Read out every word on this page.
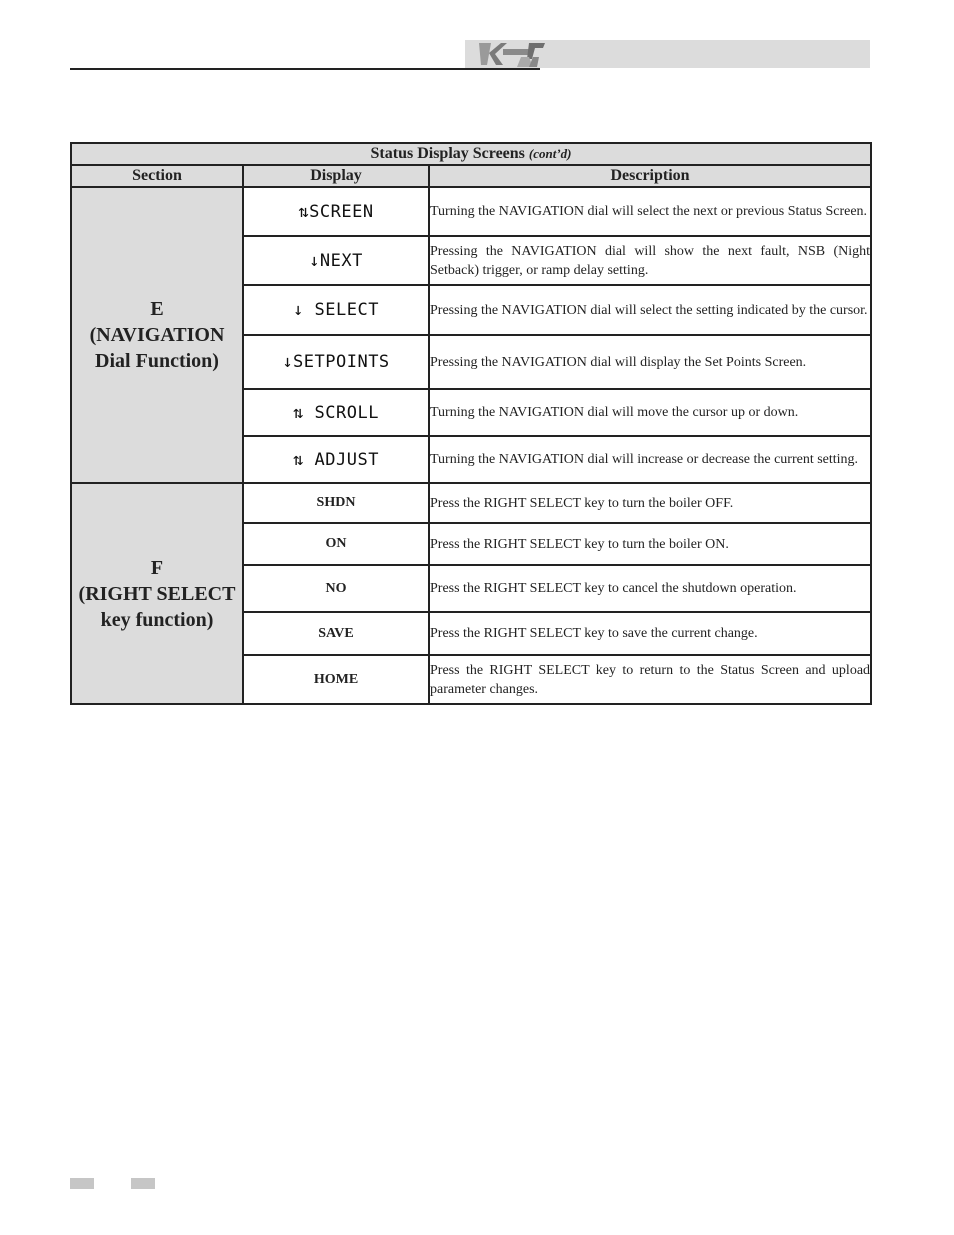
Status Display Screens (cont’d)		
Section	Display	Description

E
(NAVIGATION
Dial Function)	⇅SCREEN	Turning the NAVIGATION dial will select the next or previous Status Screen.
	↓NEXT	Pressing the NAVIGATION dial will show the next fault, NSB (Night Setback) trigger, or ramp delay setting.
	↓ SELECT	Pressing the NAVIGATION dial will select the setting indicated by the cursor.
	↓SETPOINTS	Pressing the NAVIGATION dial will display the Set Points Screen.
	⇅ SCROLL	Turning the NAVIGATION dial will move the cursor up or down.
	⇅ ADJUST	Turning the NAVIGATION dial will increase or decrease the current setting.

F
(RIGHT SELECT
key function)	SHDN	Press the RIGHT SELECT key to turn the boiler OFF.
	ON	Press the RIGHT SELECT key to turn the boiler ON.
	NO	Press the RIGHT SELECT key to cancel the shutdown operation.
	SAVE	Press the RIGHT SELECT key to save the current change.
	HOME	Press the RIGHT SELECT key to return to the Status Screen and upload parameter changes.
